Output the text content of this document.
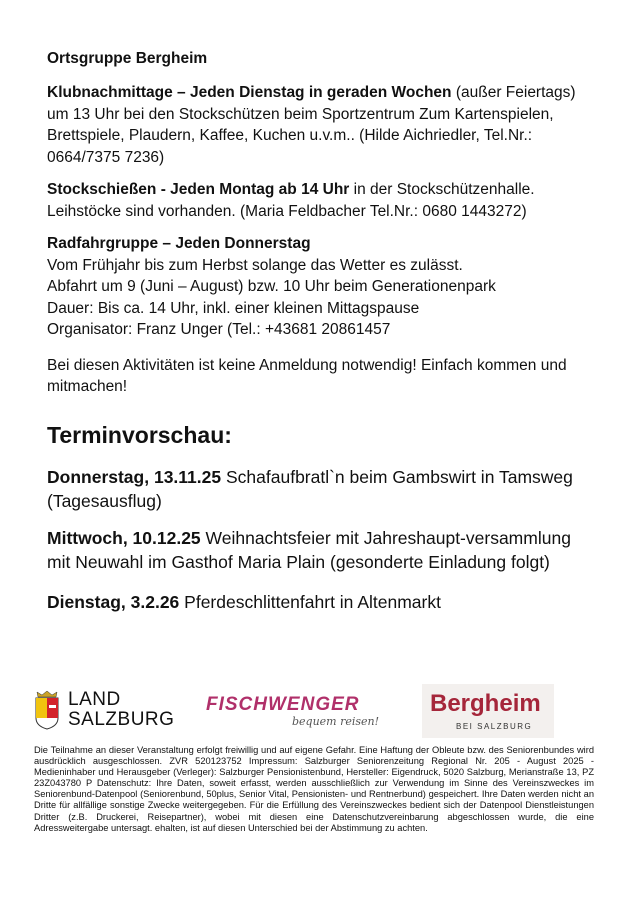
Ortsgruppe Bergheim
Klubnachmittage – Jeden Dienstag in geraden Wochen (außer Feiertags) um 13 Uhr bei den Stockschützen beim Sportzentrum Zum Kartenspielen, Brettspiele, Plaudern, Kaffee, Kuchen u.v.m.. (Hilde Aichriedler, Tel.Nr.: 0664/7375 7236)
Stockschießen - Jeden Montag ab 14 Uhr in der Stockschützenhalle. Leihstöcke sind vorhanden. (Maria Feldbacher Tel.Nr.: 0680 1443272)
Radfahrgruppe – Jeden Donnerstag
Vom Frühjahr bis zum Herbst solange das Wetter es zulässt.
Abfahrt um 9 (Juni – August) bzw. 10 Uhr beim Generationenpark
Dauer: Bis ca. 14 Uhr, inkl. einer kleinen Mittagspause
Organisator: Franz Unger (Tel.: +43681 20861457
Bei diesen Aktivitäten ist keine Anmeldung notwendig! Einfach kommen und mitmachen!
Terminvorschau:
Donnerstag, 13.11.25 Schafaufbratl`n beim Gambswirt in Tamsweg (Tagesausflug)
Mittwoch, 10.12.25 Weihnachtsfeier mit Jahreshaupt-versammlung mit Neuwahl im Gasthof Maria Plain (gesonderte Einladung folgt)
Dienstag, 3.2.26 Pferdeschlittenfahrt in Altenmarkt
LAND
SALZBURG
FISCHWENGER
bequem reisen!
Bergheim
BEI SALZBURG
Die Teilnahme an dieser Veranstaltung erfolgt freiwillig und auf eigene Gefahr. Eine Haftung der Obleute bzw. des Seniorenbundes wird ausdrücklich ausgeschlossen. ZVR 520123752 Impressum: Salzburger Seniorenzeitung Regional Nr. 205 - August 2025 - Medieninhaber und Herausgeber (Verleger): Salzburger Pensionistenbund, Hersteller: Eigendruck, 5020 Salzburg, Merianstraße 13, PZ 23Z043780 P Datenschutz: Ihre Daten, soweit erfasst, werden ausschließlich zur Verwendung im Sinne des Vereinszweckes im Seniorenbund-Datenpool (Seniorenbund, 50plus, Senior Vital, Pensionisten- und Rentnerbund) gespeichert. Ihre Daten werden nicht an Dritte für allfällige sonstige Zwecke weitergegeben. Für die Erfüllung des Vereinszweckes bedient sich der Datenpool Dienstleistungen Dritter (z.B. Druckerei, Reisepartner), wobei mit diesen eine Datenschutzvereinbarung abgeschlossen wurde, die eine Adressweitergabe untersagt. ehalten, ist auf diesen Unterschied bei der Abstimmung zu achten.
